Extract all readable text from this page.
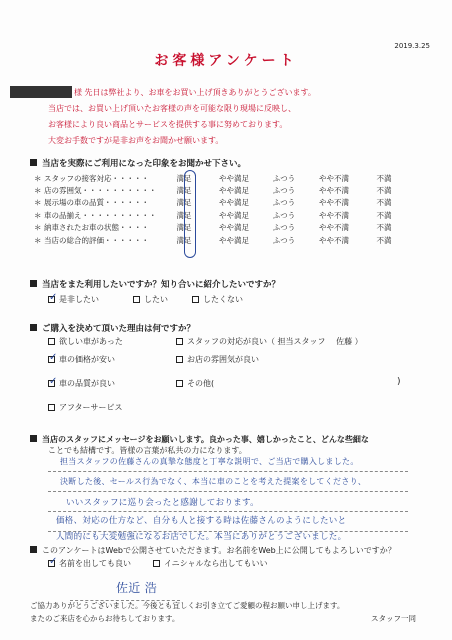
2019.3.25
お客様アンケート
様 先日は弊社より、お車をお買い上げ頂きありがとうございます。
当店では、お買い上げ頂いたお客様の声を可能な限り現場に反映し、
お客様により良い商品とサービスを提供する事に努めております。
大変お手数ですが是非お声をお聞かせ願います。
当店を実際にご利用になった印象をお聞かせ下さい。
＊ スタッフの接客対応・・・・・	満足	やや満足	ふつう	やや不満	不満
＊ 店の雰囲気・・・・・・・・・・	満足	やや満足	ふつう	やや不満	不満
＊ 展示場の車の品質・・・・・・	満足	やや満足	ふつう	やや不満	不満
＊ 車の品揃え・・・・・・・・・・	満足	やや満足	ふつう	やや不満	不満
＊ 納車されたお車の状態・・・・	満足	やや満足	ふつう	やや不満	不満
＊ 当店の総合的評価・・・・・・	満足	やや満足	ふつう	やや不満	不満
当店をまた利用したいですか？知り合いに紹介したいですか？
✓ 是非したい	したい	したくない
ご購入を決めて頂いた理由は何ですか？
欲しい車があった	スタッフの対応が良い（ 担当スタッフ　 佐藤 ）
✓ 車の価格が安い	お店の雰囲気が良い
✓ 車の品質が良い	その他(	)
アフターサービス
当店のスタッフにメッセージをお願いします。良かった事、嬉しかったこと、どんな些細な
ことでも結構です。皆様の言葉が私共の力になります。
担当スタッフの佐藤さんの真摯な態度と丁寧な説明で、ご当店で購入しました。
決断した後、セールス行為でなく、本当に車のことを考えた提案をしてくださり、
いいスタッフに巡り会ったと感謝しております。
価格、対応の仕方など、自分も人と接する時は佐藤さんのようにしたいと
人間的にも大変勉強になるお店でした。本当にありがとうございました。
このアンケートはWebで公開させていただきます。お名前をWeb上に公開してもよろしいですか？
✓ 名前を出しても良い	イニシャルなら出してもいい
佐近 浩
ご協力ありがとうございました。今後とも宜しくお引き立てご愛顧の程お願い申し上げます。
またのご来店を心からお待ちしております。	スタッフ一同
